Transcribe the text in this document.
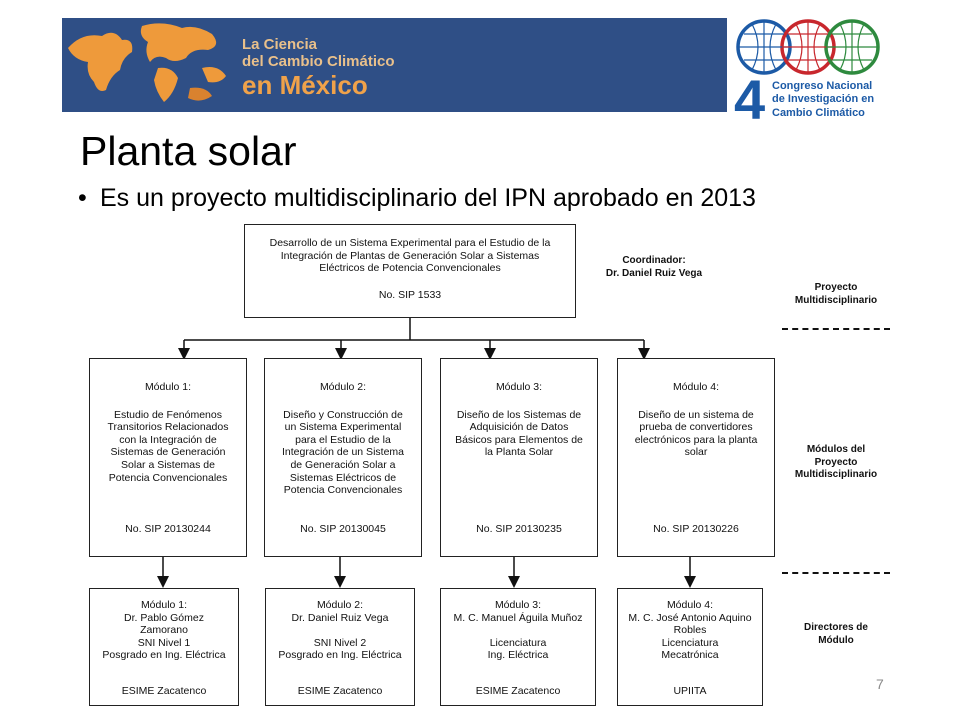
La Ciencia
del Cambio Climático
en México	4 Congreso Nacional
de Investigación en
Cambio Climático
Planta solar
• Es un proyecto multidisciplinario del IPN aprobado en 2013

Desarrollo de un Sistema Experimental para el Estudio de la

Integración de Plantas de Generación Solar a Sistemas

Eléctricos de Potencia Convencionales

No. SIP 1533

Coordinador:
Dr. Daniel Ruiz Vega
Proyecto
Multidisciplinario
Módulos del
Proyecto
Multidisciplinario
Directores de
Módulo

Módulo 1:

Estudio de Fenómenos

Transitorios Relacionados

con la Integración de

Sistemas de Generación

Solar a Sistemas de

Potencia Convencionales

No. SIP 20130244

Módulo 2:

Diseño y Construcción de

un Sistema Experimental

para el Estudio de la

Integración de un Sistema

de Generación Solar a

Sistemas Eléctricos de

Potencia Convencionales

No. SIP 20130045

Módulo 3:

Diseño de los Sistemas de

Adquisición de Datos

Básicos para Elementos de

la Planta Solar

No. SIP 20130235

Módulo 4:

Diseño de un sistema de

prueba de convertidores

electrónicos para la planta

solar

No. SIP 20130226

Módulo 1:

Dr. Pablo Gómez

Zamorano

SNI Nivel 1

Posgrado en Ing. Eléctrica

ESIME Zacatenco

Módulo 2:

Dr. Daniel Ruiz Vega

SNI Nivel 2

Posgrado en Ing. Eléctrica

ESIME Zacatenco

Módulo 3:

M. C. Manuel Águila Muñoz

Licenciatura

Ing. Eléctrica

ESIME Zacatenco

Módulo 4:

M. C. José Antonio Aquino

Robles

Licenciatura

Mecatrónica

UPIITA	7
